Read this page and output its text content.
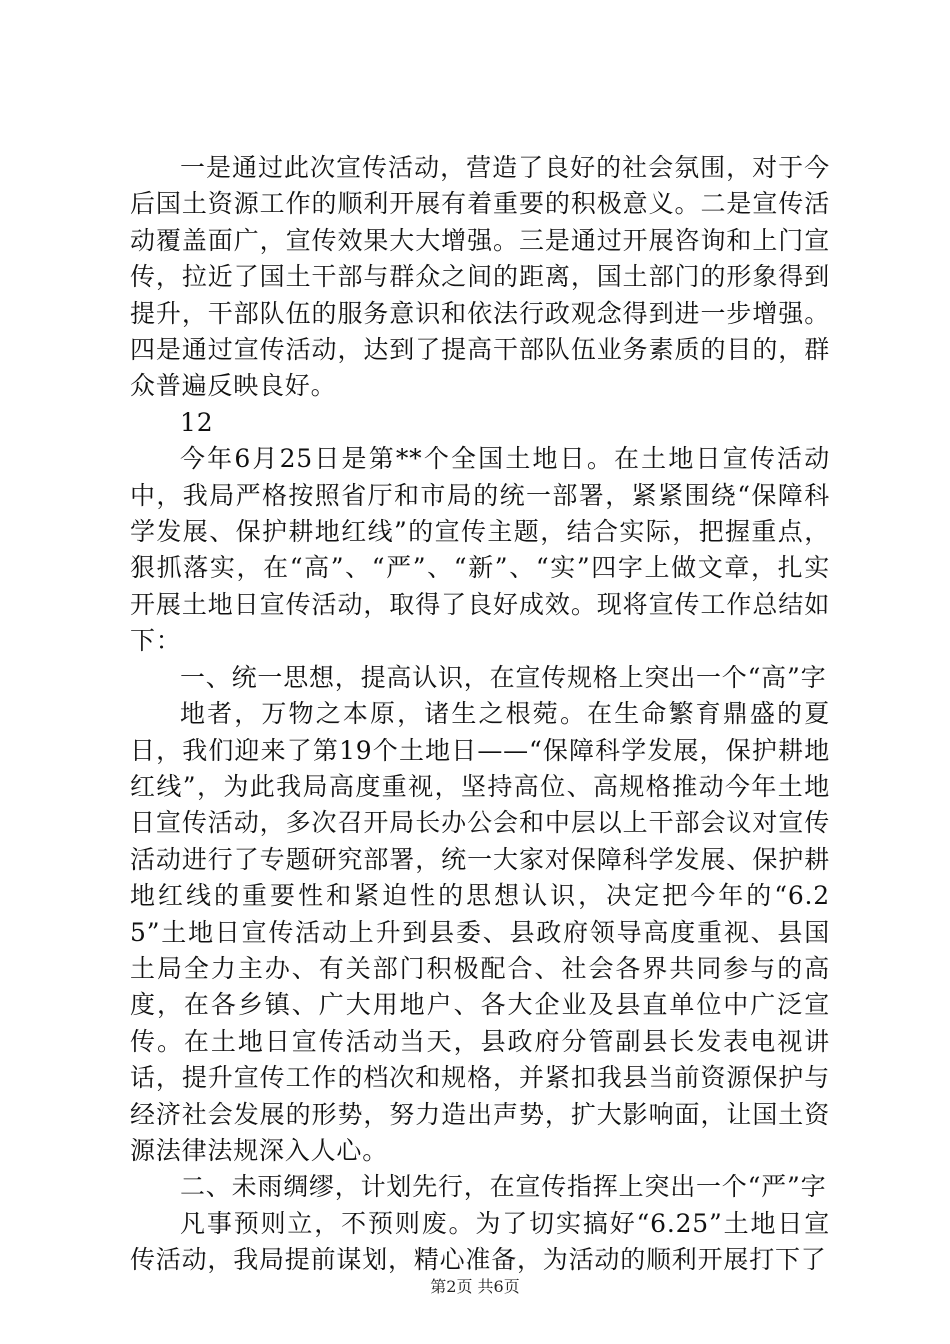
一是通过此次宣传活动，营造了良好的社会氛围，对于今后国土资源工作的顺利开展有着重要的积极意义。二是宣传活动覆盖面广，宣传效果大大增强。三是通过开展咨询和上门宣传，拉近了国土干部与群众之间的距离，国土部门的形象得到提升，干部队伍的服务意识和依法行政观念得到进一步增强。四是通过宣传活动，达到了提高干部队伍业务素质的目的，群众普遍反映良好。

12

今年6月25日是第**个全国土地日。在土地日宣传活动中，我局严格按照省厅和市局的统一部署，紧紧围绕“保障科学发展、保护耕地红线”的宣传主题，结合实际，把握重点，狠抓落实，在“高”、“严”、“新”、“实”四字上做文章，扎实开展土地日宣传活动，取得了良好成效。现将宣传工作总结如下：

一、统一思想，提高认识，在宣传规格上突出一个“高”字

地者，万物之本原，诸生之根菀。在生命繁育鼎盛的夏日，我们迎来了第19个土地日——“保障科学发展，保护耕地红线”，为此我局高度重视，坚持高位、高规格推动今年土地日宣传活动，多次召开局长办公会和中层以上干部会议对宣传活动进行了专题研究部署，统一大家对保障科学发展、保护耕地红线的重要性和紧迫性的思想认识，决定把今年的“6.25”土地日宣传活动上升到县委、县政府领导高度重视、县国土局全力主办、有关部门积极配合、社会各界共同参与的高度，在各乡镇、广大用地户、各大企业及县直单位中广泛宣传。在土地日宣传活动当天，县政府分管副县长发表电视讲话，提升宣传工作的档次和规格，并紧扣我县当前资源保护与经济社会发展的形势，努力造出声势，扩大影响面，让国土资源法律法规深入人心。

二、未雨绸缪，计划先行，在宣传指挥上突出一个“严”字

凡事预则立，不预则废。为了切实搞好“6.25”土地日宣传活动，我局提前谋划，精心准备，为活动的顺利开展打下了

第2页 共6页
